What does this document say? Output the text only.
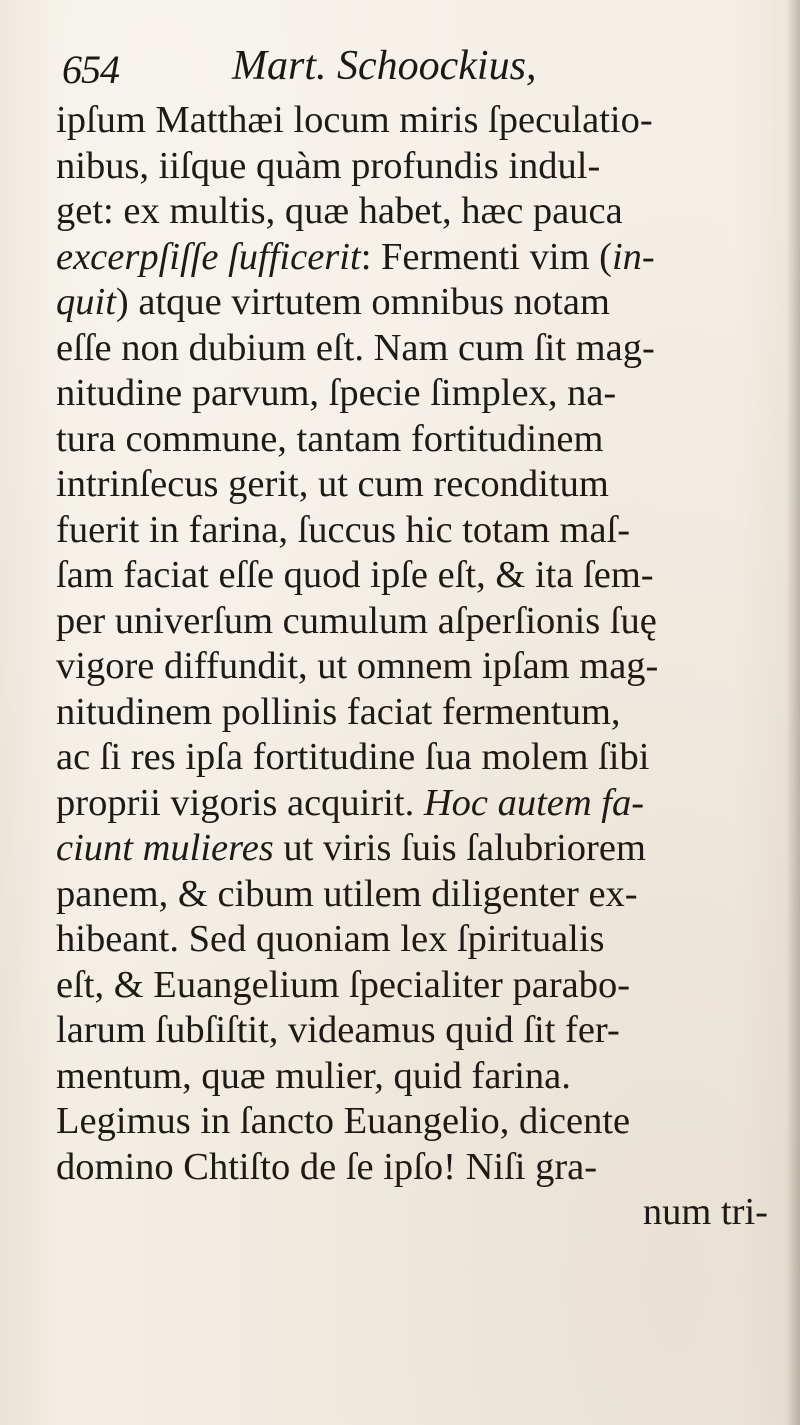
654	Mart. Schoockius,
ipſum Matthæi locum miris ſpeculatio-
nibus, iiſque quàm profundis indul-
get: ex multis, quæ habet, hæc pauca
excerpſiſſe ſufficerit: Fermenti vim (in-
quit) atque virtutem omnibus notam
eſſe non dubium eſt. Nam cum ſit mag-
nitudine parvum, ſpecie ſimplex, na-
tura commune, tantam fortitudinem
intrinſecus gerit, ut cum reconditum
fuerit in farina, ſuccus hic totam maſ-
ſam faciat eſſe quod ipſe eſt, & ita ſem-
per univerſum cumulum aſperſionis ſuę
vigore diffundit, ut omnem ipſam mag-
nitudinem pollinis faciat fermentum,
ac ſi res ipſa fortitudine ſua molem ſibi
proprii vigoris acquirit. Hoc autem fa-
ciunt mulieres ut viris ſuis ſalubriorem
panem, & cibum utilem diligenter ex-
hibeant. Sed quoniam lex ſpiritualis
eſt, & Euangelium ſpecialiter parabo-
larum ſubſiſtit, videamus quid ſit fer-
mentum, quæ mulier, quid farina.
Legimus in ſancto Euangelio, dicente
domino Chtiſto de ſe ipſo! Niſi gra-
num tri-
